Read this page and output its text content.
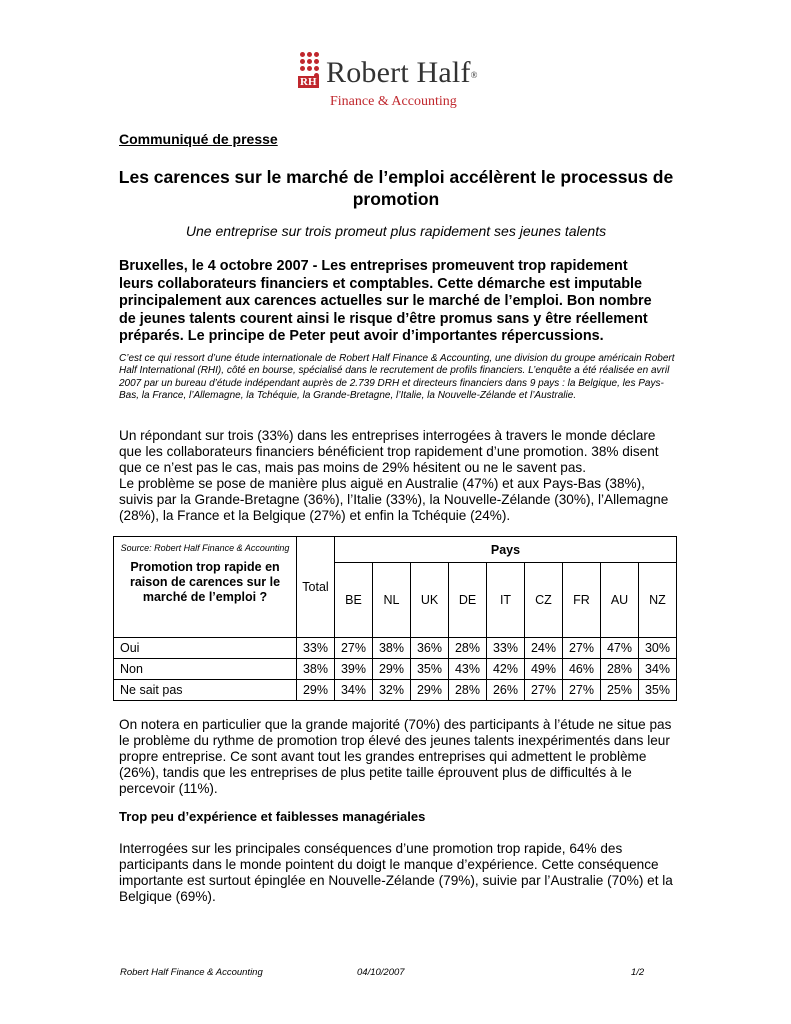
RH Robert Half®
Finance & Accounting
Communiqué de presse
Les carences sur le marché de l’emploi accélèrent le processus de promotion
Une entreprise sur trois promeut plus rapidement ses jeunes talents

Bruxelles, le 4 octobre 2007 - Les entreprises promeuvent trop rapidement leurs collaborateurs financiers et comptables. Cette démarche est imputable principalement aux carences actuelles sur le marché de l’emploi. Bon nombre de jeunes talents courent ainsi le risque d’être promus sans y être réellement préparés. Le principe de Peter peut avoir d’importantes répercussions.

C’est ce qui ressort d’une étude internationale de Robert Half Finance & Accounting, une division du groupe américain Robert Half International (RHI), côté en bourse, spécialisé dans le recrutement de profils financiers. L’enquête a été réalisée en avril 2007 par un bureau d’étude indépendant auprès de 2.739 DRH et directeurs financiers dans 9 pays : la Belgique, les Pays-Bas, la France, l’Allemagne, la Tchéquie, la Grande-Bretagne, l’Italie, la Nouvelle-Zélande et l’Australie.

Un répondant sur trois (33%) dans les entreprises interrogées à travers le monde déclare que les collaborateurs financiers bénéficient trop rapidement d’une promotion. 38% disent que ce n’est pas le cas, mais pas moins de 29% hésitent ou ne le savent pas.

Le problème se pose de manière plus aiguë en Australie (47%) et aux Pays-Bas (38%), suivis par la Grande-Bretagne (36%), l’Italie (33%), la Nouvelle-Zélande (30%), l’Allemagne (28%), la France et la Belgique (27%) et enfin la Tchéquie (24%).

Source: Robert Half Finance & Accounting
Promotion trop rapide en raison de carences sur le marché de l’emploi ?	Total	Pays								
		BE	NL	UK	DE	IT	CZ	FR	AU	NZ
Oui	33%	27%	38%	36%	28%	33%	24%	27%	47%	30%
Non	38%	39%	29%	35%	43%	42%	49%	46%	28%	34%
Ne sait pas	29%	34%	32%	29%	28%	26%	27%	27%	25%	35%

On notera en particulier que la grande majorité (70%) des participants à l’étude ne situe pas le problème du rythme de promotion trop élevé des jeunes talents inexpérimentés dans leur propre entreprise. Ce sont avant tout les grandes entreprises qui admettent le problème (26%), tandis que les entreprises de plus petite taille éprouvent plus de difficultés à le percevoir (11%).

Trop peu d’expérience et faiblesses managériales

Interrogées sur les principales conséquences d’une promotion trop rapide, 64% des participants dans le monde pointent du doigt le manque d’expérience. Cette conséquence importante est surtout épinglée en Nouvelle-Zélande (79%), suivie par l’Australie (70%) et la Belgique (69%).

Robert Half Finance & Accounting	04/10/2007	1/2
